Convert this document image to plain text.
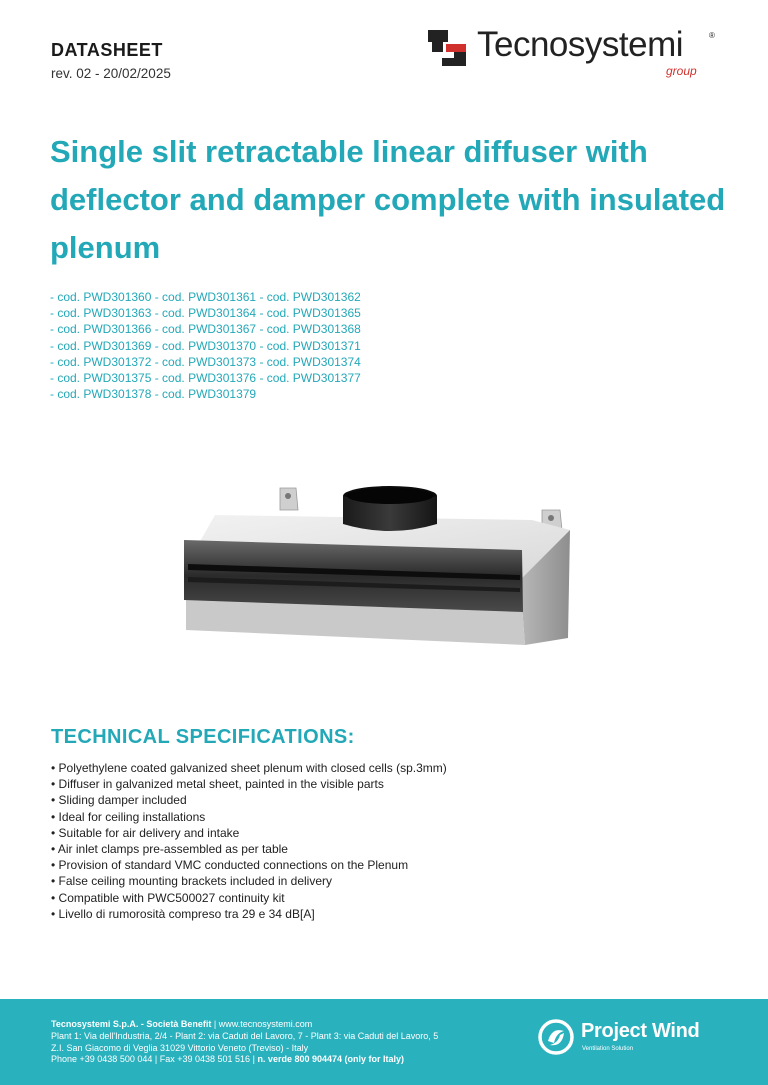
DATASHEET
rev. 02 - 20/02/2025
Tecnosystemi	®
group
Single slit retractable linear diffuser with deflector and damper complete with insulated plenum
- cod. PWD301360 - cod. PWD301361 - cod. PWD301362
- cod. PWD301363 - cod. PWD301364 - cod. PWD301365
- cod. PWD301366 - cod. PWD301367 - cod. PWD301368
- cod. PWD301369 - cod. PWD301370 - cod. PWD301371
- cod. PWD301372 - cod. PWD301373 - cod. PWD301374
- cod. PWD301375 - cod. PWD301376 - cod. PWD301377
- cod. PWD301378 - cod. PWD301379
TECHNICAL SPECIFICATIONS:
• Polyethylene coated galvanized sheet plenum with closed cells (sp.3mm)
• Diffuser in galvanized metal sheet, painted in the visible parts
• Sliding damper included
• Ideal for ceiling installations
• Suitable for air delivery and intake
• Air inlet clamps pre-assembled as per table
• Provision of standard VMC conducted connections on the Plenum
• False ceiling mounting brackets included in delivery
• Compatible with PWC500027 continuity kit
• Livello di rumorosità compreso tra 29 e 34 dB[A]
Tecnosystemi S.p.A. - Società Benefit | www.tecnosystemi.com
Plant 1: Via dell'Industria, 2/4 - Plant 2: via Caduti del Lavoro, 7 - Plant 3: via Caduti del Lavoro, 5
Z.I. San Giacomo di Veglia 31029 Vittorio Veneto (Treviso) - Italy
Phone +39 0438 500 044 | Fax +39 0438 501 516 | n. verde 800 904474 (only for Italy)
Project Wind
Ventilation Solution
